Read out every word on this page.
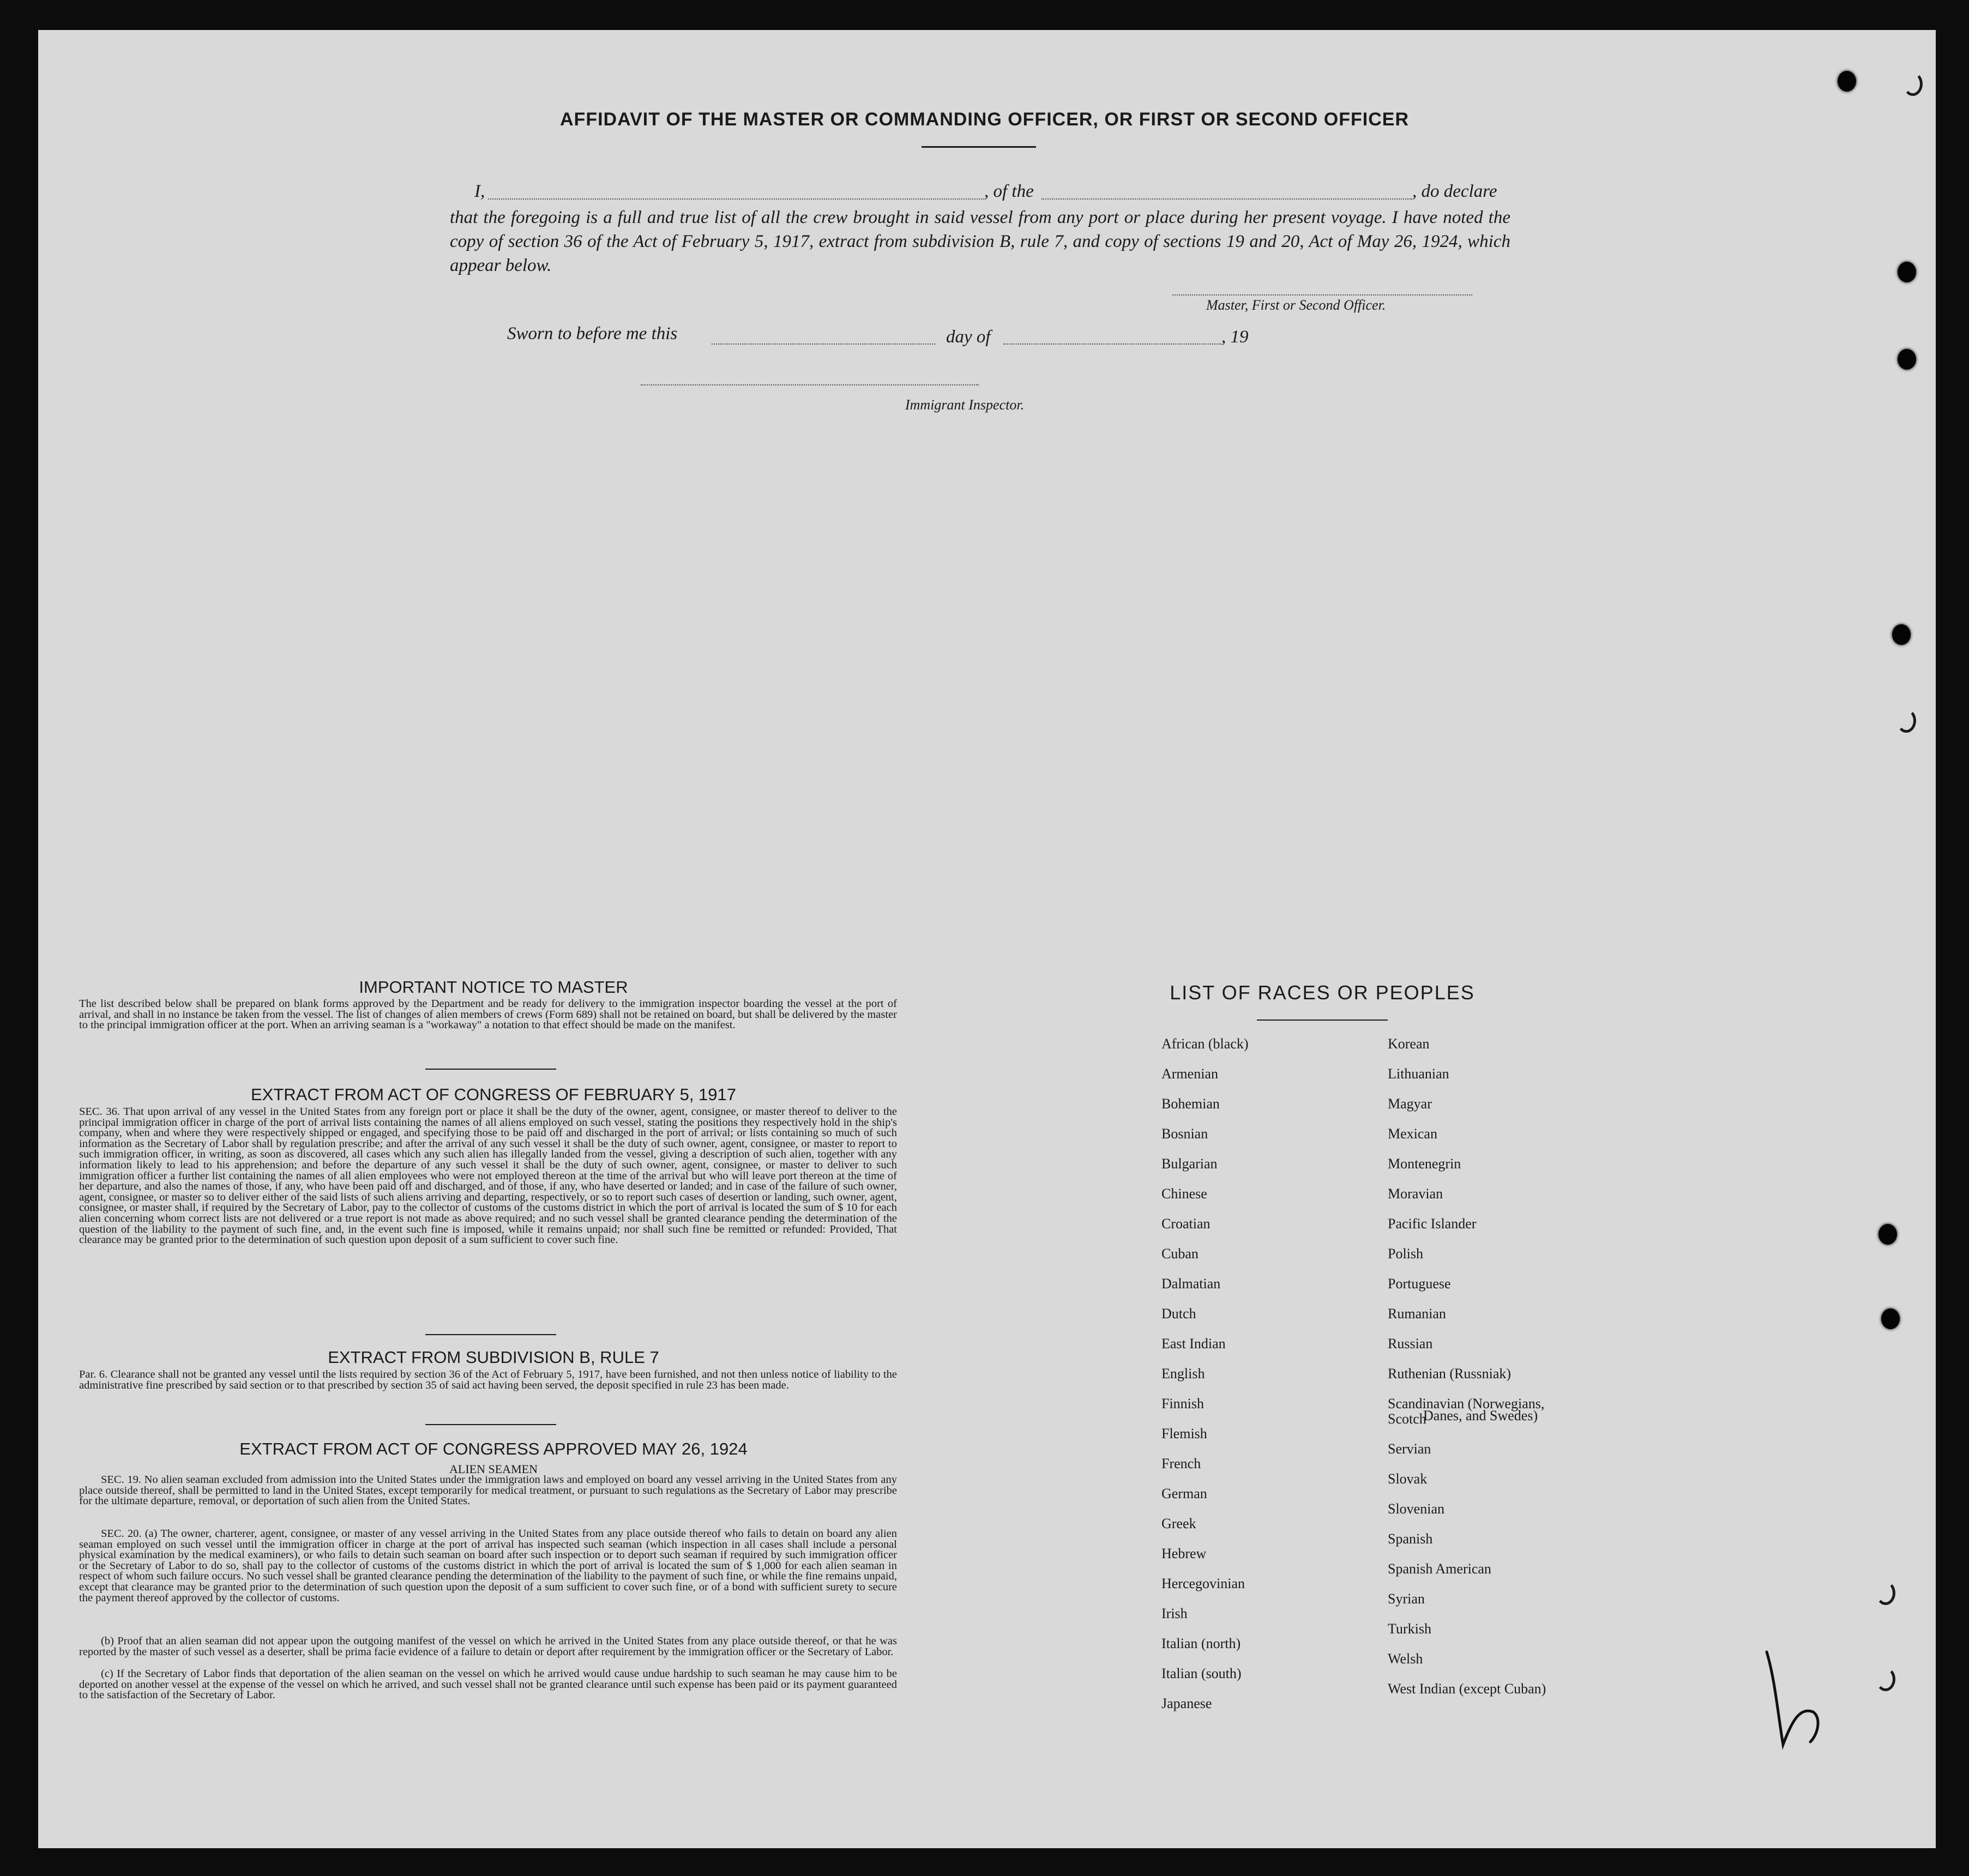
AFFIDAVIT OF THE MASTER OR COMMANDING OFFICER, OR FIRST OR SECOND OFFICER
I,	, of the	, do declare
that the foregoing is a full and true list of all the crew brought in said vessel from any port or place during her present voyage. I have noted the copy of section 36 of the Act of February 5, 1917, extract from subdivision B, rule 7, and copy of sections 19 and 20, Act of May 26, 1924, which appear below.
Master, First or Second Officer.
Sworn to before me this	day of	, 19
Immigrant Inspector.
IMPORTANT NOTICE TO MASTER
The list described below shall be prepared on blank forms approved by the Department and be ready for delivery to the immigration inspector boarding the vessel at the port of arrival, and shall in no instance be taken from the vessel. The list of changes of alien members of crews (Form 689) shall not be retained on board, but shall be delivered by the master to the principal immigration officer at the port. When an arriving seaman is a "workaway" a notation to that effect should be made on the manifest.
EXTRACT FROM ACT OF CONGRESS OF FEBRUARY 5, 1917
SEC. 36. That upon arrival of any vessel in the United States from any foreign port or place it shall be the duty of the owner, agent, consignee, or master thereof to deliver to the principal immigration officer in charge of the port of arrival lists containing the names of all aliens employed on such vessel, stating the positions they respectively hold in the ship's company, when and where they were respectively shipped or engaged, and specifying those to be paid off and discharged in the port of arrival; or lists containing so much of such information as the Secretary of Labor shall by regulation prescribe; and after the arrival of any such vessel it shall be the duty of such owner, agent, consignee, or master to report to such immigration officer, in writing, as soon as discovered, all cases which any such alien has illegally landed from the vessel, giving a description of such alien, together with any information likely to lead to his apprehension; and before the departure of any such vessel it shall be the duty of such owner, agent, consignee, or master to deliver to such immigration officer a further list containing the names of all alien employees who were not employed thereon at the time of the arrival but who will leave port thereon at the time of her departure, and also the names of those, if any, who have been paid off and discharged, and of those, if any, who have deserted or landed; and in case of the failure of such owner, agent, consignee, or master so to deliver either of the said lists of such aliens arriving and departing, respectively, or so to report such cases of desertion or landing, such owner, agent, consignee, or master shall, if required by the Secretary of Labor, pay to the collector of customs of the customs district in which the port of arrival is located the sum of $ 10 for each alien concerning whom correct lists are not delivered or a true report is not made as above required; and no such vessel shall be granted clearance pending the determination of the question of the liability to the payment of such fine, and, in the event such fine is imposed, while it remains unpaid; nor shall such fine be remitted or refunded: Provided, That clearance may be granted prior to the determination of such question upon deposit of a sum sufficient to cover such fine.
EXTRACT FROM SUBDIVISION B, RULE 7
Par. 6. Clearance shall not be granted any vessel until the lists required by section 36 of the Act of February 5, 1917, have been furnished, and not then unless notice of liability to the administrative fine prescribed by said section or to that prescribed by section 35 of said act having been served, the deposit specified in rule 23 has been made.
EXTRACT FROM ACT OF CONGRESS APPROVED MAY 26, 1924
ALIEN SEAMEN
SEC. 19. No alien seaman excluded from admission into the United States under the immigration laws and employed on board any vessel arriving in the United States from any place outside thereof, shall be permitted to land in the United States, except temporarily for medical treatment, or pursuant to such regulations as the Secretary of Labor may prescribe for the ultimate departure, removal, or deportation of such alien from the United States.
SEC. 20. (a) The owner, charterer, agent, consignee, or master of any vessel arriving in the United States from any place outside thereof who fails to detain on board any alien seaman employed on such vessel until the immigration officer in charge at the port of arrival has inspected such seaman (which inspection in all cases shall include a personal physical examination by the medical examiners), or who fails to detain such seaman on board after such inspection or to deport such seaman if required by such immigration officer or the Secretary of Labor to do so, shall pay to the collector of customs of the customs district in which the port of arrival is located the sum of $ 1,000 for each alien seaman in respect of whom such failure occurs. No such vessel shall be granted clearance pending the determination of the liability to the payment of such fine, or while the fine remains unpaid, except that clearance may be granted prior to the determination of such question upon the deposit of a sum sufficient to cover such fine, or of a bond with sufficient surety to secure the payment thereof approved by the collector of customs.
(b) Proof that an alien seaman did not appear upon the outgoing manifest of the vessel on which he arrived in the United States from any place outside thereof, or that he was reported by the master of such vessel as a deserter, shall be prima facie evidence of a failure to detain or deport after requirement by the immigration officer or the Secretary of Labor.
(c) If the Secretary of Labor finds that deportation of the alien seaman on the vessel on which he arrived would cause undue hardship to such seaman he may cause him to be deported on another vessel at the expense of the vessel on which he arrived, and such vessel shall not be granted clearance until such expense has been paid or its payment guaranteed to the satisfaction of the Secretary of Labor.
LIST OF RACES OR PEOPLES
African (black)
Armenian
Bohemian
Bosnian
Bulgarian
Chinese
Croatian
Cuban
Dalmatian
Dutch
East Indian
English
Finnish
Flemish
French
German
Greek
Hebrew
Hercegovinian
Irish
Italian (north)
Italian (south)
Japanese
Korean
Lithuanian
Magyar
Mexican
Montenegrin
Moravian
Pacific Islander
Polish
Portuguese
Rumanian
Russian
Ruthenian (Russniak)
Scandinavian (Norwegians,
Danes, and Swedes)
Scotch
Servian
Slovak
Slovenian
Spanish
Spanish American
Syrian
Turkish
Welsh
West Indian (except Cuban)
